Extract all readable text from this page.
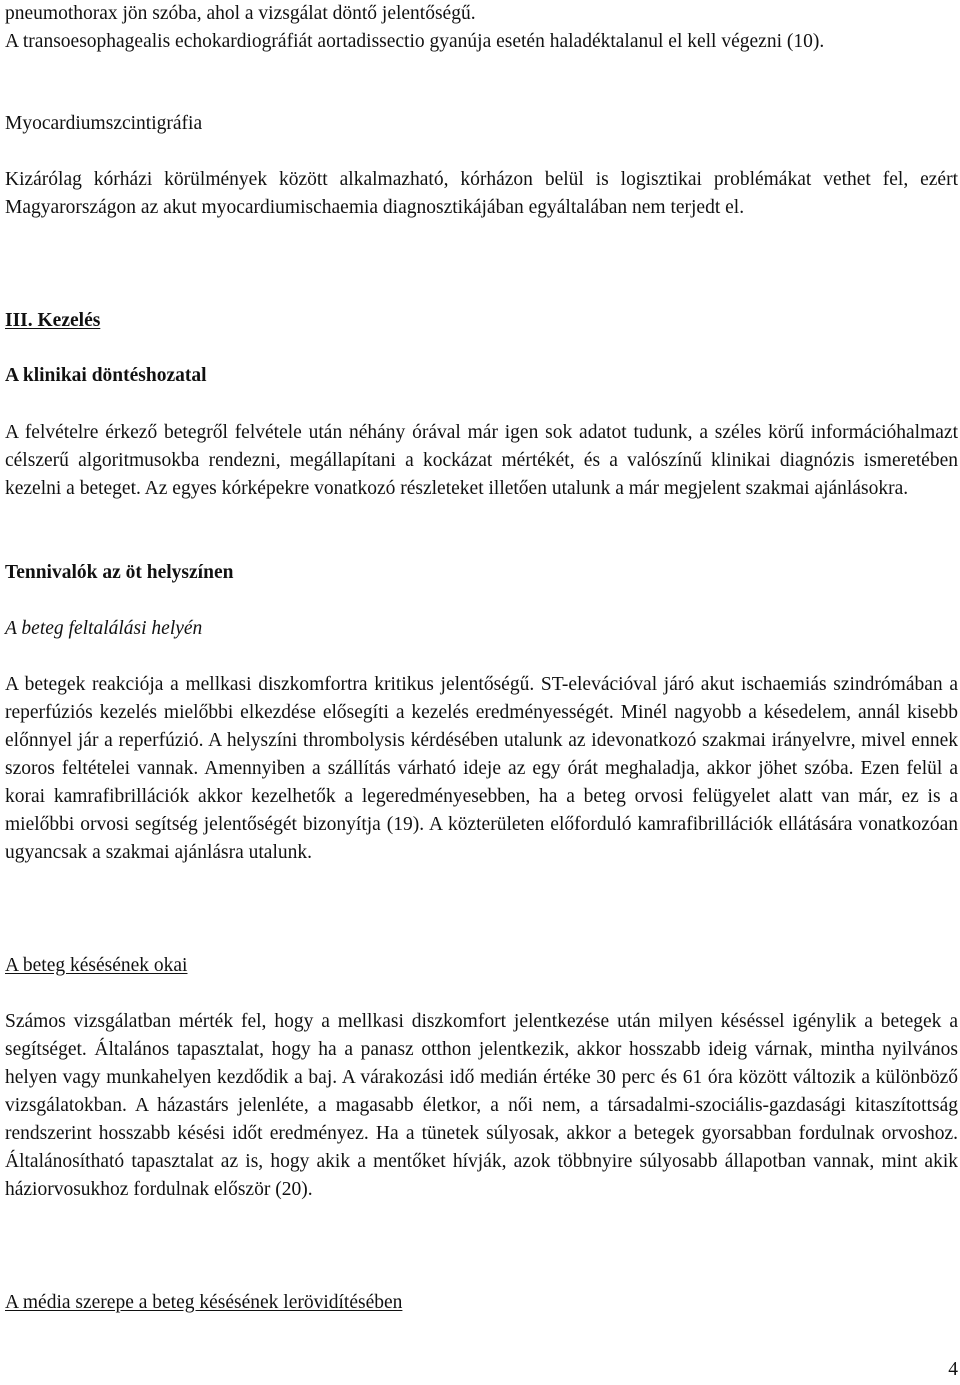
pneumothorax jön szóba, ahol a vizsgálat döntő jelentőségű.

A transoesophagealis echokardiográfiát aortadissectio gyanúja esetén haladéktalanul el kell végezni (10).

Myocardiumszcintigráfia

Kizárólag kórházi körülmények között alkalmazható, kórházon belül is logisztikai problémákat vethet fel, ezért Magyarországon az akut myocardiumischaemia diagnosztikájában egyáltalában nem terjedt el.

III. Kezelés

A klinikai döntéshozatal

A felvételre érkező betegről felvétele után néhány órával már igen sok adatot tudunk, a széles körű információhalmazt célszerű algoritmusokba rendezni, megállapítani a kockázat mértékét, és a valószínű klinikai diagnózis ismeretében kezelni a beteget. Az egyes kórképekre vonatkozó részleteket illetően utalunk a már megjelent szakmai ajánlásokra.

Tennivalók az öt helyszínen

A beteg feltalálási helyén

A betegek reakciója a mellkasi diszkomfortra kritikus jelentőségű. ST-elevációval járó akut ischaemiás szindrómában a reperfúziós kezelés mielőbbi elkezdése elősegíti a kezelés eredményességét. Minél nagyobb a késedelem, annál kisebb előnnyel jár a reperfúzió. A helyszíni thrombolysis kérdésében utalunk az idevonatkozó szakmai irányelvre, mivel ennek szoros feltételei vannak. Amennyiben a szállítás várható ideje az egy órát meghaladja, akkor jöhet szóba. Ezen felül a korai kamrafibrillációk akkor kezelhetők a legeredményesebben, ha a beteg orvosi felügyelet alatt van már, ez is a mielőbbi orvosi segítség jelentőségét bizonyítja (19). A közterületen előforduló kamrafibrillációk ellátására vonatkozóan ugyancsak a szakmai ajánlásra utalunk.

A beteg késésének okai

Számos vizsgálatban mérték fel, hogy a mellkasi diszkomfort jelentkezése után milyen késéssel igénylik a betegek a segítséget. Általános tapasztalat, hogy ha a panasz otthon jelentkezik, akkor hosszabb ideig várnak, mintha nyilvános helyen vagy munkahelyen kezdődik a baj. A várakozási idő medián értéke 30 perc és 61 óra között változik a különböző vizsgálatokban. A házastárs jelenléte, a magasabb életkor, a női nem, a társadalmi-szociális-gazdasági kitaszítottság rendszerint hosszabb késési időt eredményez. Ha a tünetek súlyosak, akkor a betegek gyorsabban fordulnak orvoshoz. Általánosítható tapasztalat az is, hogy akik a mentőket hívják, azok többnyire súlyosabb állapotban vannak, mint akik háziorvosukhoz fordulnak először (20).

A média szerepe a beteg késésének lerövidítésében

4
